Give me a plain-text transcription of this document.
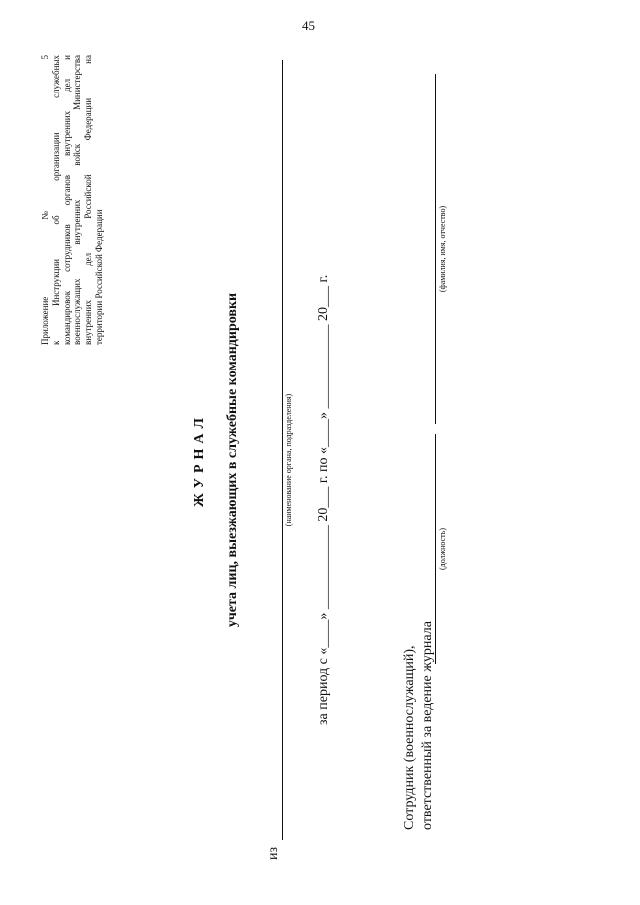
45
Приложение № 5 к Инструкции об организации служебных командировок сотрудников органов внутренних дел и военнослужащих внутренних войск Министерства внутренних дел Российской Федерации на территории Российской Федерации
ЖУРНАЛ учета лиц, выезжающих в служебные командировки
из
(наименование органа, подразделения) за период с «____» ____________ 20___ г. по «____» ____________ 20___ г.
Сотрудник (военнослужащий), ответственный за ведение журнала
(должность)
(фамилия, имя, отчество)
